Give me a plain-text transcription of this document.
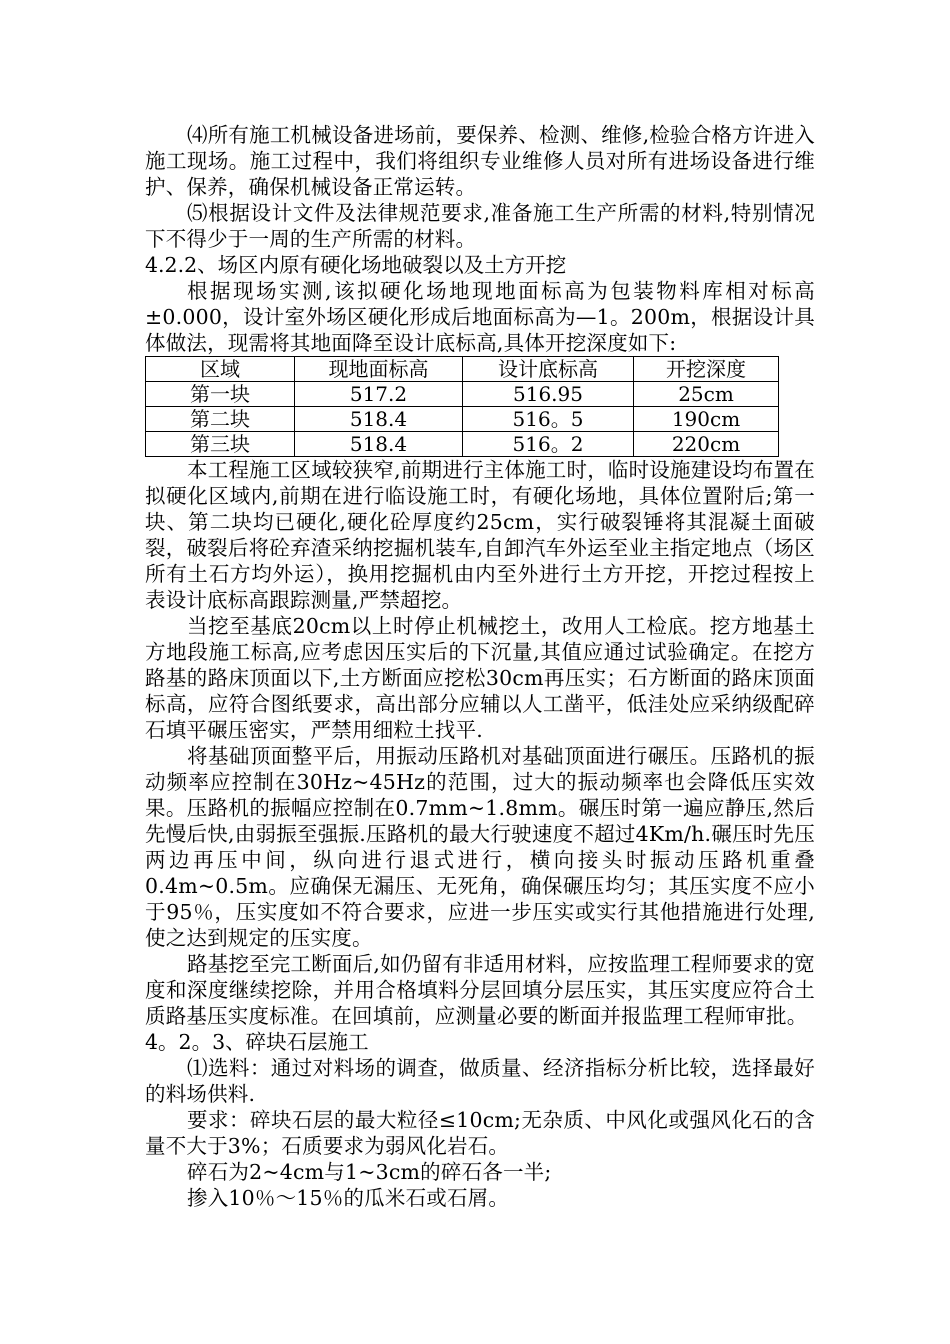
⑷所有施工机械设备进场前，要保养、检测、维修,检验合格方许进入施工现场。施工过程中，我们将组织专业维修人员对所有进场设备进行维护、保养，确保机械设备正常运转。

⑸根据设计文件及法律规范要求,准备施工生产所需的材料,特别情况下不得少于一周的生产所需的材料。

4.2.2、场区内原有硬化场地破裂以及土方开挖

根据现场实测,该拟硬化场地现地面标高为包装物料库相对标高±0.000，设计室外场区硬化形成后地面标高为—1。200m，根据设计具体做法，现需将其地面降至设计底标高,具体开挖深度如下:

区域	现地面标高	设计底标高	开挖深度
第一块	517.2	516.95	25cm
第二块	518.4	516。5	190cm
第三块	518.4	516。2	220cm

本工程施工区域较狭窄,前期进行主体施工时，临时设施建设均布置在拟硬化区域内,前期在进行临设施工时，有硬化场地，具体位置附后;第一块、第二块均已硬化,硬化砼厚度约25cm，实行破裂锤将其混凝土面破裂，破裂后将砼弃渣采纳挖掘机装车,自卸汽车外运至业主指定地点（场区所有土石方均外运），换用挖掘机由内至外进行土方开挖，开挖过程按上表设计底标高跟踪测量,严禁超挖。

当挖至基底20cm以上时停止机械挖土，改用人工检底。挖方地基土方地段施工标高,应考虑因压实后的下沉量,其值应通过试验确定。在挖方路基的路床顶面以下,土方断面应挖松30cm再压实；石方断面的路床顶面标高，应符合图纸要求，高出部分应辅以人工凿平，低洼处应采纳级配碎石填平碾压密实，严禁用细粒土找平.

将基础顶面整平后，用振动压路机对基础顶面进行碾压。压路机的振动频率应控制在30Hz~45Hz的范围，过大的振动频率也会降低压实效果。压路机的振幅应控制在0.7mm~1.8mm。碾压时第一遍应静压,然后先慢后快,由弱振至强振.压路机的最大行驶速度不超过4Km/h.碾压时先压两边再压中间，纵向进行退式进行，横向接头时振动压路机重叠0.4m~0.5m。应确保无漏压、无死角，确保碾压均匀；其压实度不应小于95％，压实度如不符合要求，应进一步压实或实行其他措施进行处理,使之达到规定的压实度。

路基挖至完工断面后,如仍留有非适用材料，应按监理工程师要求的宽度和深度继续挖除，并用合格填料分层回填分层压实，其压实度应符合土质路基压实度标准。在回填前，应测量必要的断面并报监理工程师审批。

4。2。3、碎块石层施工

⑴选料：通过对料场的调查，做质量、经济指标分析比较，选择最好的料场供料.

要求：碎块石层的最大粒径≤10cm;无杂质、中风化或强风化石的含量不大于3%；石质要求为弱风化岩石。

碎石为2~4cm与1~3cm的碎石各一半;

掺入10％～15％的瓜米石或石屑。
